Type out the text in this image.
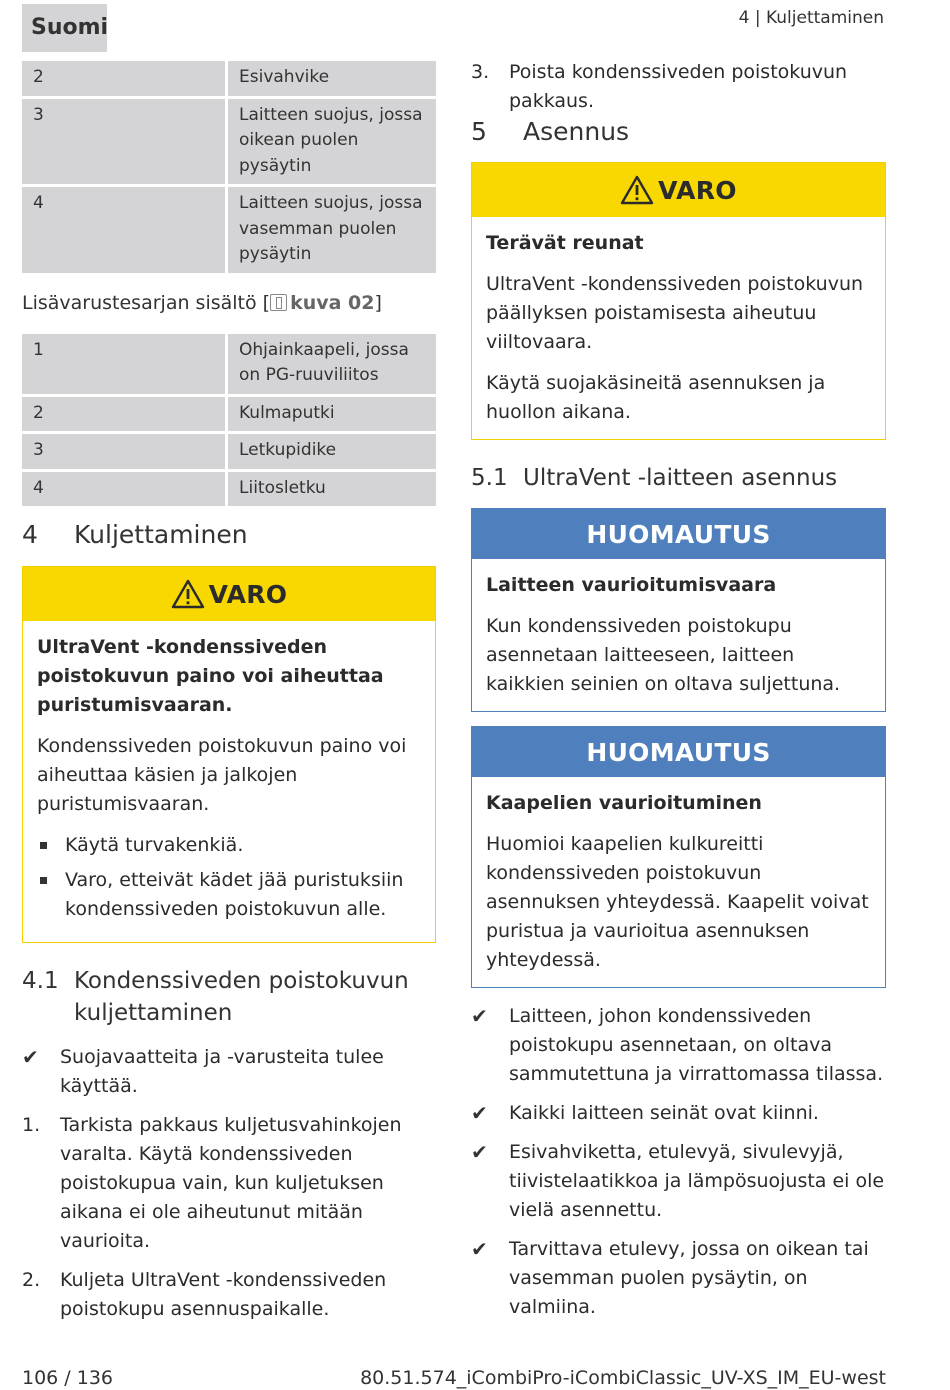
Suomi	4 | Kuljettaminen
2	Esivahvike
3	Laitteen suojus, jossa oikean puolen pysäytin
4	Laitteen suojus, jossa vasemman puolen pysäytin
Lisävarustesarjan sisältö [ kuva 02]
1	Ohjainkaapeli, jossa on PG-ruuviliitos
2	Kulmaputki
3	Letkupidike
4	Liitosletku
4	Kuljettaminen
VARO
UltraVent -kondenssiveden poistokuvun paino voi aiheuttaa puristumisvaaran.

Kondenssiveden poistokuvun paino voi aiheuttaa käsien ja jalkojen puristumisvaaran.

Käytä turvakenkiä.
Varo, etteivät kädet jää puristuksiin kondenssiveden poistokuvun alle.
4.1 Kondenssiveden poistokuvun kuljettaminen
✔	Suojavaatteita ja -varusteita tulee käyttää.
1.	Tarkista pakkaus kuljetusvahinkojen varalta. Käytä kondenssiveden poistokupua vain, kun kuljetuksen aikana ei ole aiheutunut mitään vaurioita.
2.	Kuljeta UltraVent -kondenssiveden poistokupu asennuspaikalle.
3.	Poista kondenssiveden poistokuvun pakkaus.
5	Asennus
VARO
Terävät reunat

UltraVent -kondenssiveden poistokuvun päällyksen poistamisesta aiheutuu viiltovaara.

Käytä suojakäsineitä asennuksen ja huollon aikana.

5.1 UltraVent -laitteen asennus
HUOMAUTUS
Laitteen vaurioitumisvaara

Kun kondenssiveden poistokupu asennetaan laitteeseen, laitteen kaikkien seinien on oltava suljettuna.

HUOMAUTUS
Kaapelien vaurioituminen

Huomioi kaapelien kulkureitti kondenssiveden poistokuvun asennuksen yhteydessä. Kaapelit voivat puristua ja vaurioitua asennuksen yhteydessä.

✔	Laitteen, johon kondenssiveden poistokupu asennetaan, on oltava sammutettuna ja virrattomassa tilassa.
✔	Kaikki laitteen seinät ovat kiinni.
✔	Esivahviketta, etulevyä, sivulevyjä, tiivistelaatikkoa ja lämpösuojusta ei ole vielä asennettu.
✔	Tarvittava etulevy, jossa on oikean tai vasemman puolen pysäytin, on valmiina.
106 / 136	80.51.574_iCombiPro-iCombiClassic_UV-XS_IM_EU-west
